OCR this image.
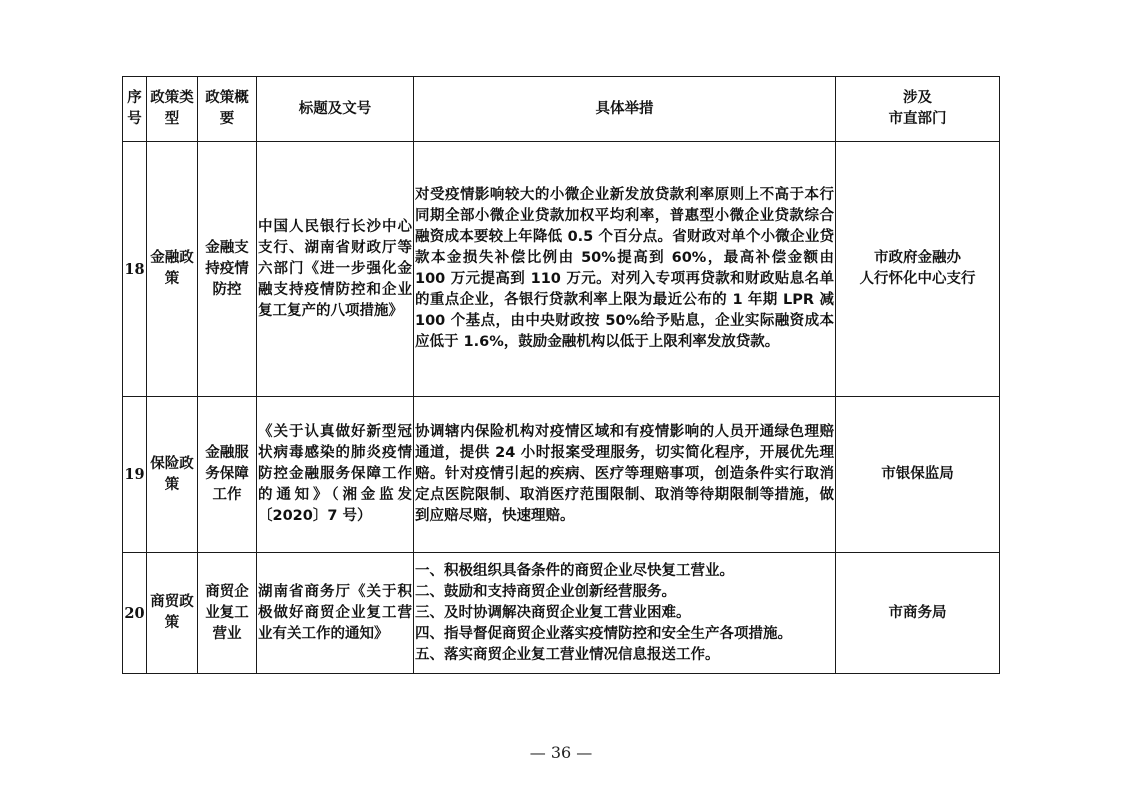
序号	政策类型	政策概要	标题及文号	具体举措	涉及
市直部门

18	金融政策	金融支持疫情防控	中国人民银行长沙中心支行、湖南省财政厅等六部门《进一步强化金融支持疫情防控和企业复工复产的八项措施》	对受疫情影响较大的小微企业新发放贷款利率原则上不高于本行同期全部小微企业贷款加权平均利率，普惠型小微企业贷款综合融资成本要较上年降低 0.5 个百分点。省财政对单个小微企业贷款本金损失补偿比例由 50%提高到 60%，最高补偿金额由 100 万元提高到 110 万元。对列入专项再贷款和财政贴息名单的重点企业，各银行贷款利率上限为最近公布的 1 年期 LPR 减 100 个基点，由中央财政按 50%给予贴息，企业实际融资成本应低于 1.6%，鼓励金融机构以低于上限利率发放贷款。	市政府金融办
人行怀化中心支行

19	保险政策	金融服务保障工作	《关于认真做好新型冠状病毒感染的肺炎疫情防控金融服务保障工作的通知》（湘金监发〔2020〕7 号）	协调辖内保险机构对疫情区域和有疫情影响的人员开通绿色理赔通道，提供 24 小时报案受理服务，切实简化程序，开展优先理赔。针对疫情引起的疾病、医疗等理赔事项，创造条件实行取消定点医院限制、取消医疗范围限制、取消等待期限制等措施，做到应赔尽赔，快速理赔。	市银保监局

20	商贸政策	商贸企业复工营业	湖南省商务厅《关于积极做好商贸企业复工营业有关工作的通知》	一、积极组织具备条件的商贸企业尽快复工营业。
二、鼓励和支持商贸企业创新经营服务。
三、及时协调解决商贸企业复工营业困难。
四、指导督促商贸企业落实疫情防控和安全生产各项措施。
五、落实商贸企业复工营业情况信息报送工作。	市商务局
— 36 —
